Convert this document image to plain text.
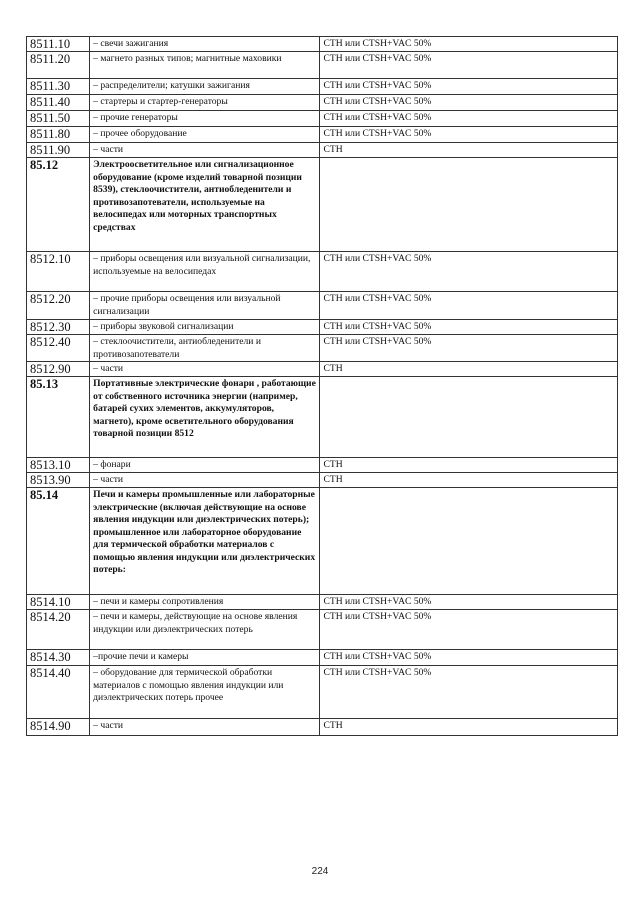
8511.10	– свечи зажигания	CTH или CTSH+VAC 50%
8511.20	– магнето разных типов; магнитные маховики	CTH или CTSH+VAC 50%
8511.30	– распределители; катушки зажигания	CTH или CTSH+VAC 50%
8511.40	– стартеры и стартер-генераторы	CTH или CTSH+VAC 50%
8511.50	– прочие генераторы	CTH или CTSH+VAC 50%
8511.80	– прочее оборудование	CTH или CTSH+VAC 50%
8511.90	– части	CTH
85.12	Электроосветительное или сигнализационное оборудование (кроме изделий товарной позиции 8539), стеклоочистители, антиобледенители и противозапотеватели, используемые на велосипедах или моторных транспортных средствах	
8512.10	– приборы освещения или визуальной сигнализации, используемые на велосипедах	CTH или CTSH+VAC 50%
8512.20	– прочие приборы освещения или визуальной сигнализации	CTH или CTSH+VAC 50%
8512.30	– приборы звуковой сигнализации	CTH или CTSH+VAC 50%
8512.40	– стеклоочистители, антиобледенители и противозапотеватели	CTH или CTSH+VAC 50%
8512.90	– части	CTH
85.13	Портативные электрические фонари , работающие от собственного источника энергии (например, батарей сухих элементов, аккумуляторов, магнето), кроме осветительного оборудования товарной позиции 8512	
8513.10	– фонари	CTH
8513.90	– части	CTH
85.14	Печи и камеры промышленные или лабораторные электрические (включая действующие на основе явления индукции или диэлектрических потерь); промышленное или лабораторное оборудование для термической обработки материалов с помощью явления индукции или диэлектрических потерь:	
8514.10	– печи и камеры сопротивления	CTH или CTSH+VAC 50%
8514.20	– печи и камеры, действующие на основе явления индукции или диэлектрических потерь	CTH или CTSH+VAC 50%
8514.30	–прочие печи и камеры	CTH или CTSH+VAC 50%
8514.40	– оборудование для термической обработки материалов с помощью явления индукции или диэлектрических потерь прочее	CTH или CTSH+VAC 50%
8514.90	– части	CTH
224
